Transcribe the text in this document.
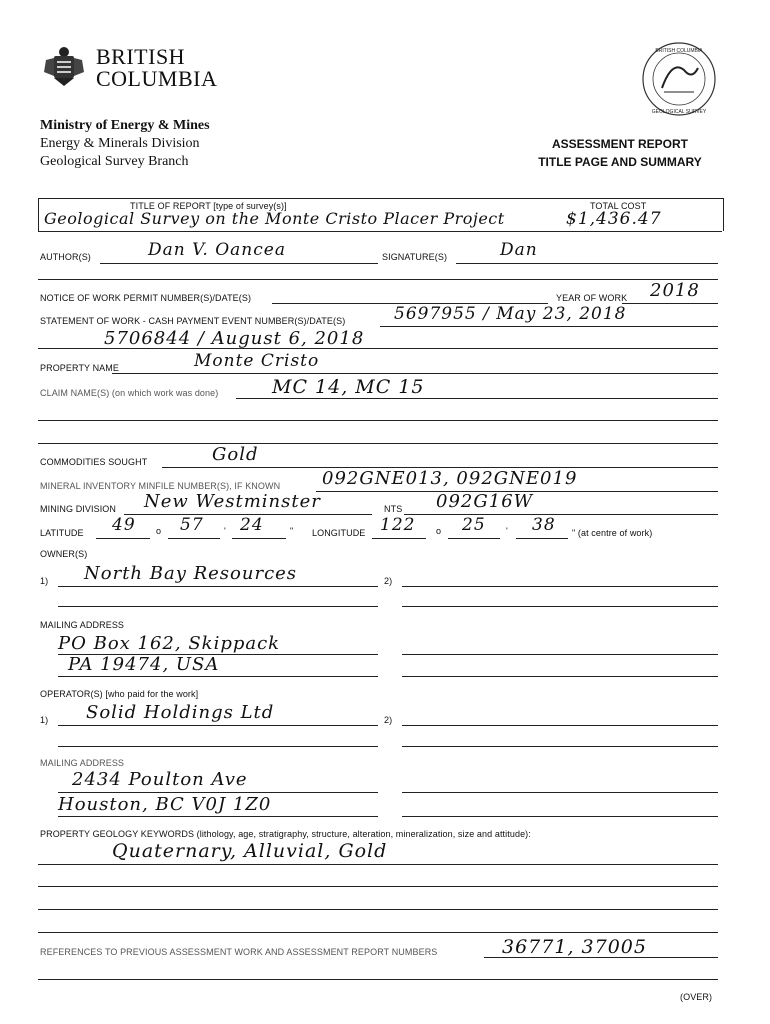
BRITISH
COLUMBIA
BRITISH COLUMBIA
GEOLOGICAL SURVEY
Ministry of Energy & Mines
Energy & Minerals Division
Geological Survey Branch
ASSESSMENT REPORT
TITLE PAGE AND SUMMARY
TITLE OF REPORT [type of survey(s)]	TOTAL COST
Geological Survey on the Monte Cristo Placer Project	$1,436.47
AUTHOR(S)	Dan V. Oancea	SIGNATURE(S)	Dan
NOTICE OF WORK PERMIT NUMBER(S)/DATE(S)	YEAR OF WORK 2018
STATEMENT OF WORK - CASH PAYMENT EVENT NUMBER(S)/DATE(S)	5697955 / May 23, 2018
5706844 / August 6, 2018
PROPERTY NAME	Monte Cristo
CLAIM NAME(S) (on which work was done)	MC 14, MC 15
COMMODITIES SOUGHT	Gold
MINERAL INVENTORY MINFILE NUMBER(S), IF KNOWN 092GNE013, 092GNE019
MINING DIVISION New Westminster	NTS 092G16W
LATITUDE 49 o 57 ' 24	" LONGITUDE 122 o 25 ' 38 " (at centre of work)
OWNER(S)
1) North Bay Resources	2)
MAILING ADDRESS
PO Box 162, Skippack
PA 19474, USA
OPERATOR(S) [who paid for the work]
1) Solid Holdings Ltd	2)
MAILING ADDRESS
2434 Poulton Ave
Houston, BC V0J 1Z0
PROPERTY GEOLOGY KEYWORDS (lithology, age, stratigraphy, structure, alteration, mineralization, size and attitude):
Quaternary, Alluvial, Gold
REFERENCES TO PREVIOUS ASSESSMENT WORK AND ASSESSMENT REPORT NUMBERS	36771, 37005
(OVER)
